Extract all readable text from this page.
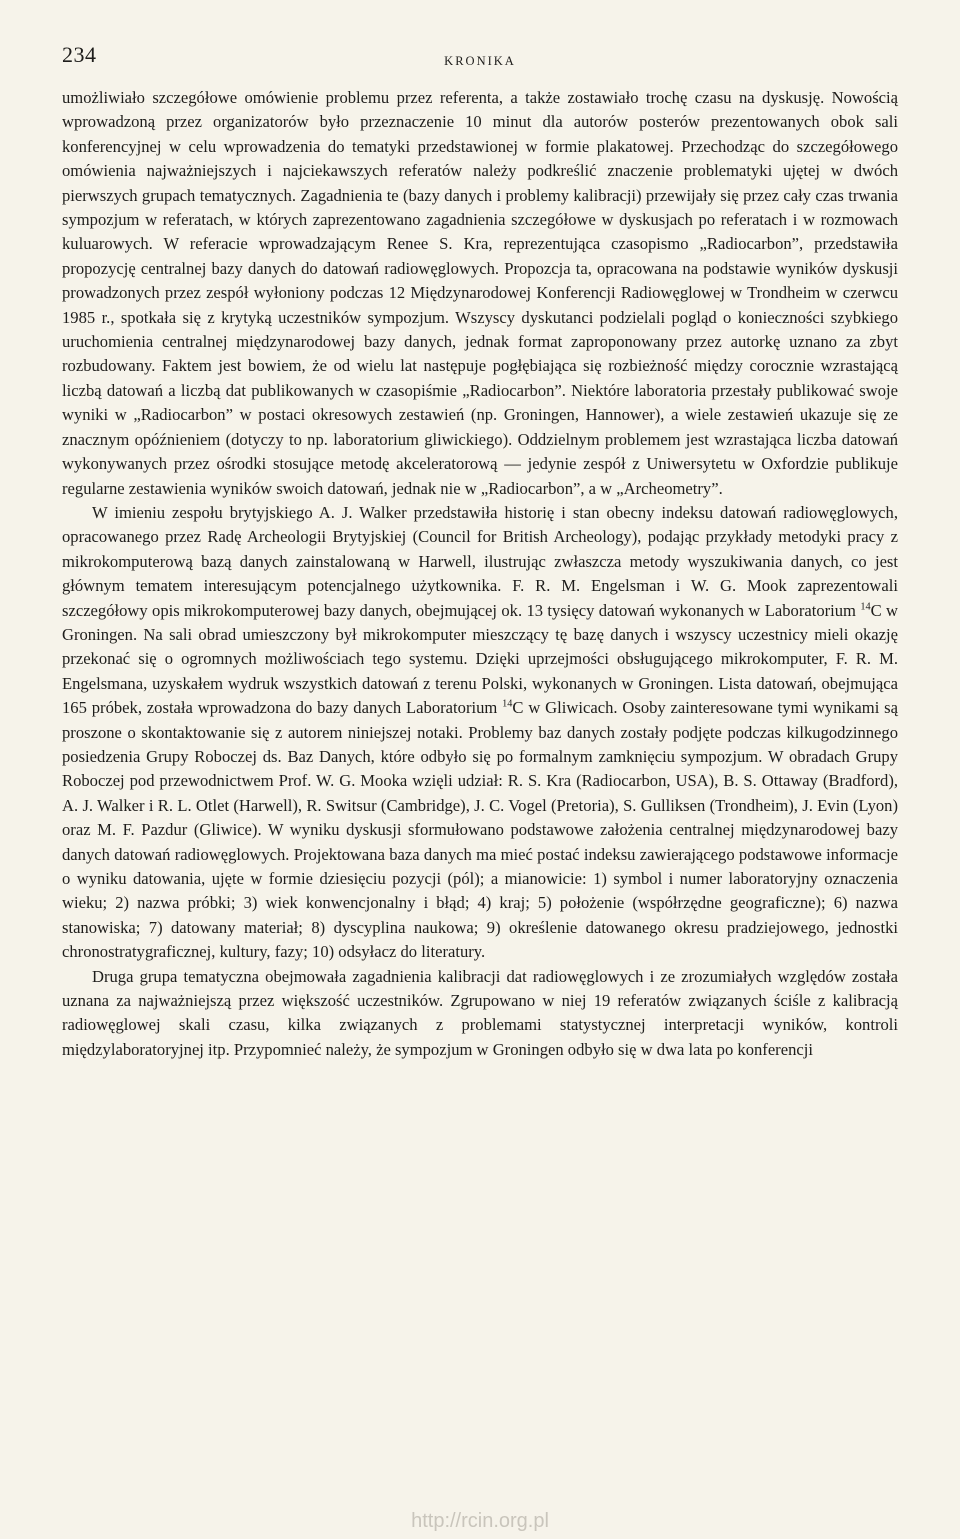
234	KRONIKA

umożliwiało szczegółowe omówienie problemu przez referenta, a także zostawiało trochę czasu na dyskusję. Nowością wprowadzoną przez organizatorów było przeznaczenie 10 minut dla autorów posterów prezentowanych obok sali konferencyjnej w celu wprowadzenia do tematyki przedstawionej w formie plakatowej. Przechodząc do szczegółowego omówienia najważniejszych i najciekawszych referatów należy podkreślić znaczenie problematyki ujętej w dwóch pierwszych grupach tematycznych. Zagadnienia te (bazy danych i problemy kalibracji) przewijały się przez cały czas trwania sympozjum w referatach, w których zaprezentowano zagadnienia szczegółowe w dyskusjach po referatach i w rozmowach kuluarowych. W referacie wprowadzającym Renee S. Kra, reprezentująca czasopismo „Radiocarbon”, przedstawiła propozycję centralnej bazy danych do datowań radiowęglowych. Propozcja ta, opracowana na podstawie wyników dyskusji prowadzonych przez zespół wyłoniony podczas 12 Międzynarodowej Konferencji Radiowęglowej w Trondheim w czerwcu 1985 r., spotkała się z krytyką uczestników sympozjum. Wszyscy dyskutanci podzielali pogląd o konieczności szybkiego uruchomienia centralnej międzynarodowej bazy danych, jednak format zaproponowany przez autorkę uznano za zbyt rozbudowany. Faktem jest bowiem, że od wielu lat następuje pogłębiająca się rozbieżność między corocznie wzrastającą liczbą datowań a liczbą dat publikowanych w czasopiśmie „Radiocarbon”. Niektóre laboratoria przestały publikować swoje wyniki w „Radiocarbon” w postaci okresowych zestawień (np. Groningen, Hannower), a wiele zestawień ukazuje się ze znacznym opóźnieniem (dotyczy to np. laboratorium gliwickiego). Oddzielnym problemem jest wzrastająca liczba datowań wykonywanych przez ośrodki stosujące metodę akceleratorową — jedynie zespół z Uniwersytetu w Oxfordzie publikuje regularne zestawienia wyników swoich datowań, jednak nie w „Radiocarbon”, a w „Archeometry”.

W imieniu zespołu brytyjskiego A. J. Walker przedstawiła historię i stan obecny indeksu datowań radiowęglowych, opracowanego przez Radę Archeologii Brytyjskiej (Council for British Archeology), podając przykłady metodyki pracy z mikrokomputerową bazą danych zainstalowaną w Harwell, ilustrując zwłaszcza metody wyszukiwania danych, co jest głównym tematem interesującym potencjalnego użytkownika. F. R. M. Engelsman i W. G. Mook zaprezentowali szczegółowy opis mikrokomputerowej bazy danych, obejmującej ok. 13 tysięcy datowań wykonanych w Laboratorium $^{14}$C w Groningen. Na sali obrad umieszczony był mikrokomputer mieszczący tę bazę danych i wszyscy uczestnicy mieli okazję przekonać się o ogromnych możliwościach tego systemu. Dzięki uprzejmości obsługującego mikrokomputer, F. R. M. Engelsmana, uzyskałem wydruk wszystkich datowań z terenu Polski, wykonanych w Groningen. Lista datowań, obejmująca 165 próbek, została wprowadzona do bazy danych Laboratorium $^{14}$C w Gliwicach. Osoby zainteresowane tymi wynikami są proszone o skontaktowanie się z autorem niniejszej notaki. Problemy baz danych zostały podjęte podczas kilkugodzinnego posiedzenia Grupy Roboczej ds. Baz Danych, które odbyło się po formalnym zamknięciu sympozjum. W obradach Grupy Roboczej pod przewodnictwem Prof. W. G. Mooka wzięli udział: R. S. Kra (Radiocarbon, USA), B. S. Ottaway (Bradford), A. J. Walker i R. L. Otlet (Harwell), R. Switsur (Cambridge), J. C. Vogel (Pretoria), S. Gulliksen (Trondheim), J. Evin (Lyon) oraz M. F. Pazdur (Gliwice). W wyniku dyskusji sformułowano podstawowe założenia centralnej międzynarodowej bazy danych datowań radiowęglowych. Projektowana baza danych ma mieć postać indeksu zawierającego podstawowe informacje o wyniku datowania, ujęte w formie dziesięciu pozycji (pól); a mianowicie: 1) symbol i numer laboratoryjny oznaczenia wieku; 2) nazwa próbki; 3) wiek konwencjonalny i błąd; 4) kraj; 5) położenie (współrzędne geograficzne); 6) nazwa stanowiska; 7) datowany materiał; 8) dyscyplina naukowa; 9) określenie datowanego okresu pradziejowego, jednostki chronostratygraficznej, kultury, fazy; 10) odsyłacz do literatury.

Druga grupa tematyczna obejmowała zagadnienia kalibracji dat radiowęglowych i ze zrozumiałych względów została uznana za najważniejszą przez większość uczestników. Zgrupowano w niej 19 referatów związanych ściśle z kalibracją radiowęglowej skali czasu, kilka związanych z problemami statystycznej interpretacji wyników, kontroli międzylaboratoryjnej itp. Przypomnieć należy, że sympozjum w Groningen odbyło się w dwa lata po konferencji

http://rcin.org.pl
